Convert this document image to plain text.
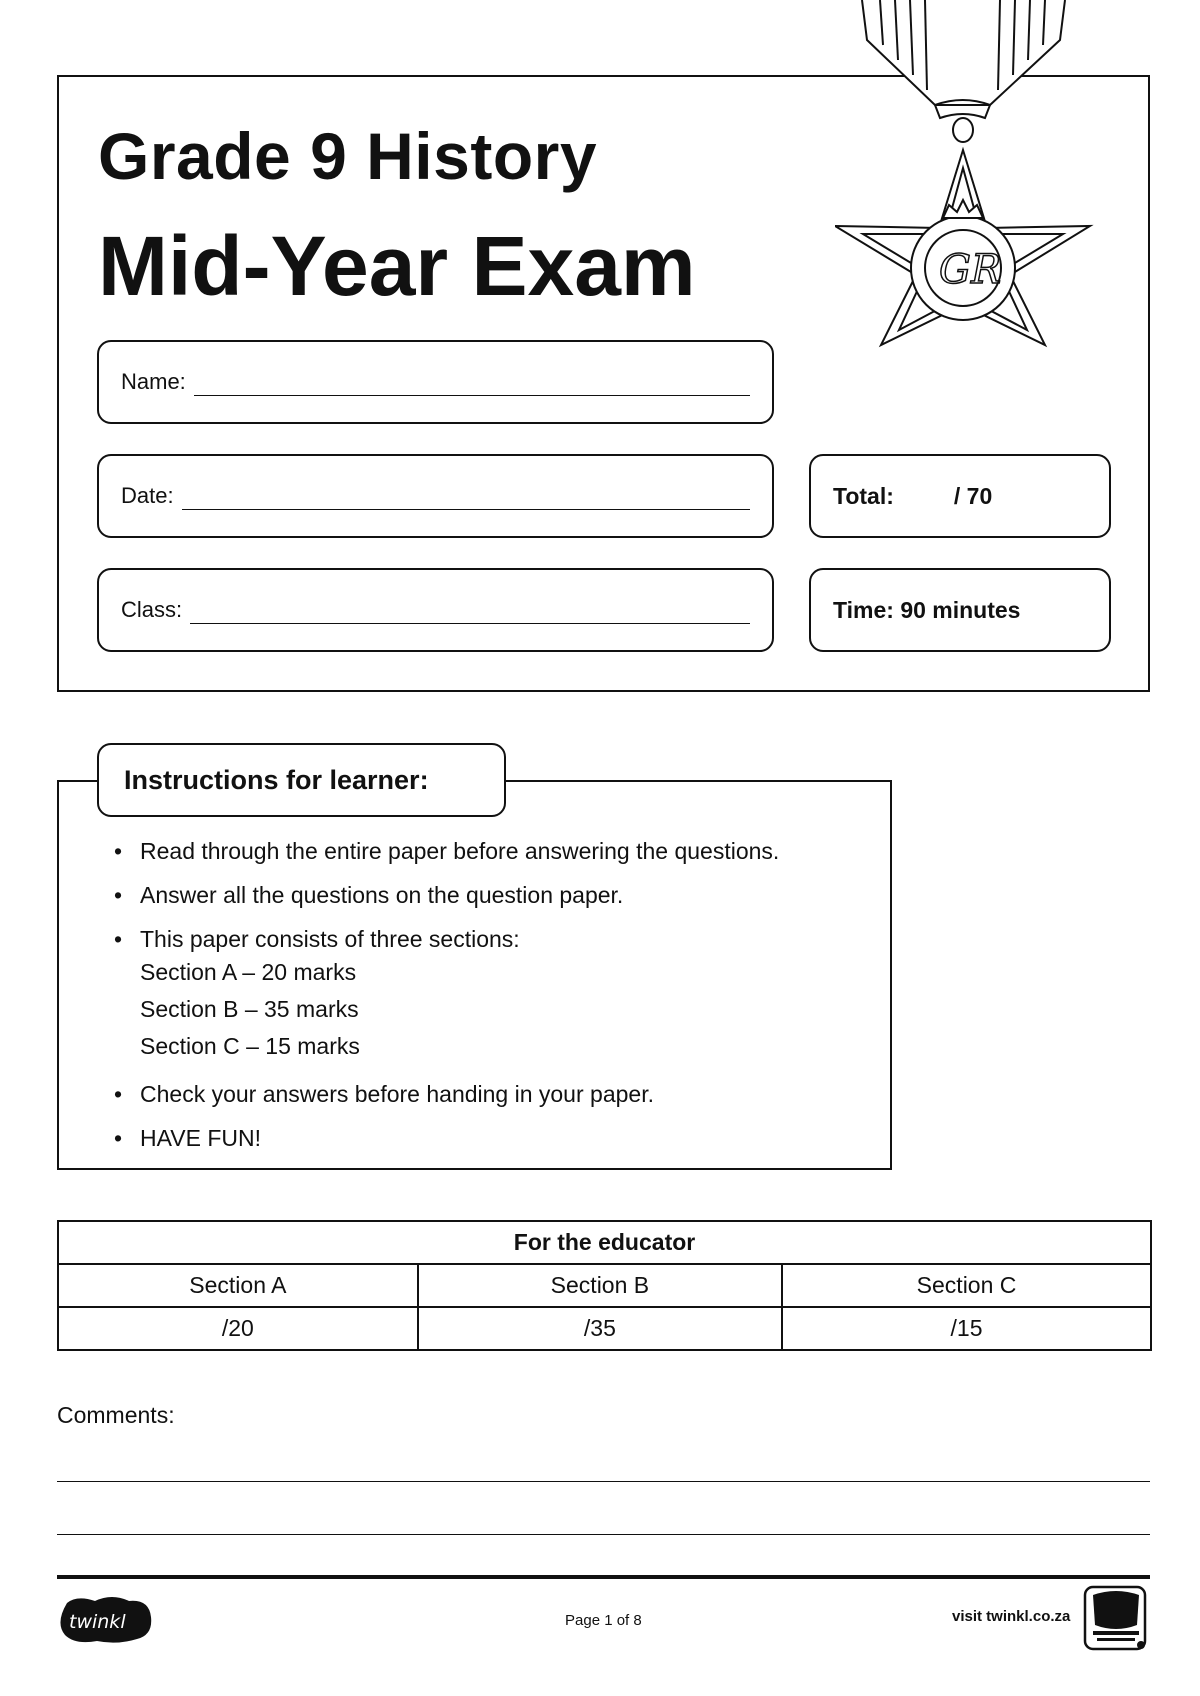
Grade 9 History
Mid-Year Exam
Name:
Date:
Class:
Total:	/ 70
Time: 90 minutes
GR
Instructions for learner:
• Read through the entire paper before answering the questions.
• Answer all the questions on the question paper.
• This paper consists of three sections:
Section A – 20 marks
Section B – 35 marks
Section C – 15 marks
• Check your answers before handing in your paper.
• HAVE FUN!
For the educator		
Section A	Section B	Section C
/20	/35	/15
Comments:
twinkl	Page 1 of 8	visit twinkl.co.za
